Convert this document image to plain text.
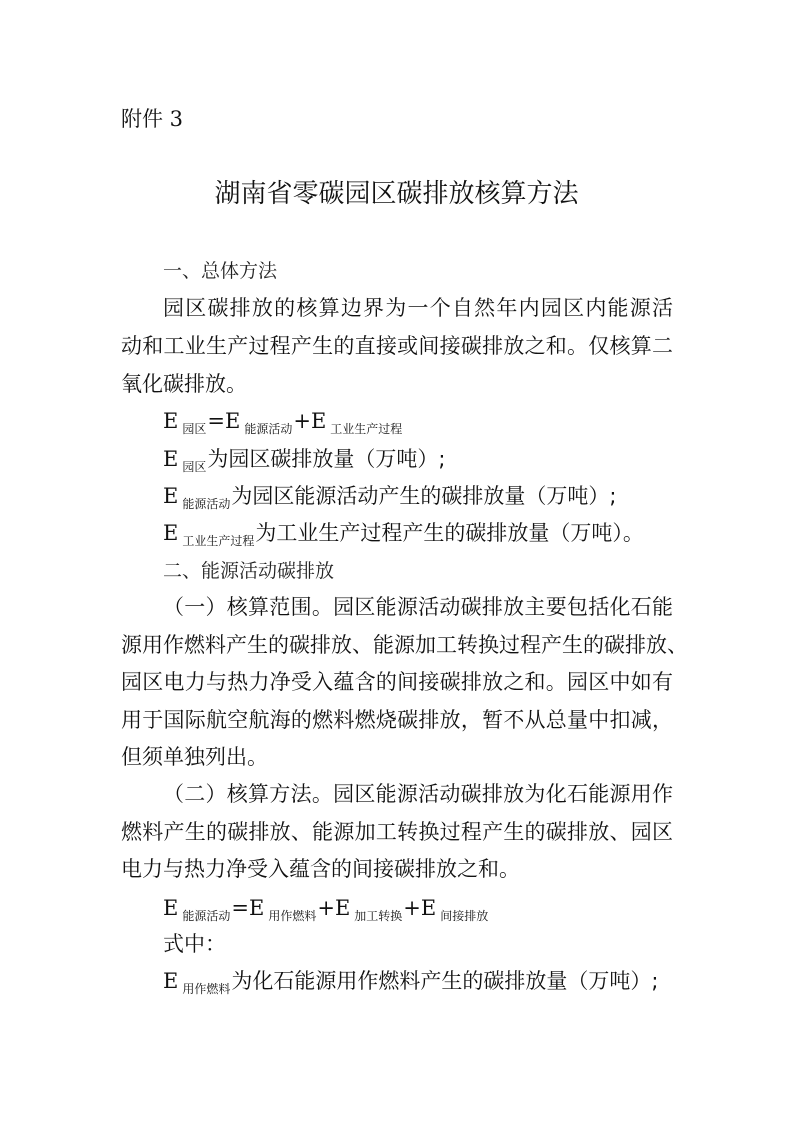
附件 3
湖南省零碳园区碳排放核算方法
一、总体方法
园区碳排放的核算边界为一个自然年内园区内能源活
动和工业生产过程产生的直接或间接碳排放之和。仅核算二
氧化碳排放。
E $_{园区}$=E $_{能源活动}$+E $_{工业生产过程}$
E $_{园区}$为园区碳排放量（万吨）;
E $_{能源活动}$为园区能源活动产生的碳排放量（万吨）;
E $_{工业生产过程}$为工业生产过程产生的碳排放量（万吨）。
二、能源活动碳排放
（一）核算范围。园区能源活动碳排放主要包括化石能
源用作燃料产生的碳排放、能源加工转换过程产生的碳排放、
园区电力与热力净受入蕴含的间接碳排放之和。园区中如有
用于国际航空航海的燃料燃烧碳排放，暂不从总量中扣减，
但须单独列出。
（二）核算方法。园区能源活动碳排放为化石能源用作
燃料产生的碳排放、能源加工转换过程产生的碳排放、园区
电力与热力净受入蕴含的间接碳排放之和。
E $_{能源活动}$=E $_{用作燃料}$+E $_{加工转换}$+E $_{间接排放}$
式中：
E $_{用作燃料}$为化石能源用作燃料产生的碳排放量（万吨）;
